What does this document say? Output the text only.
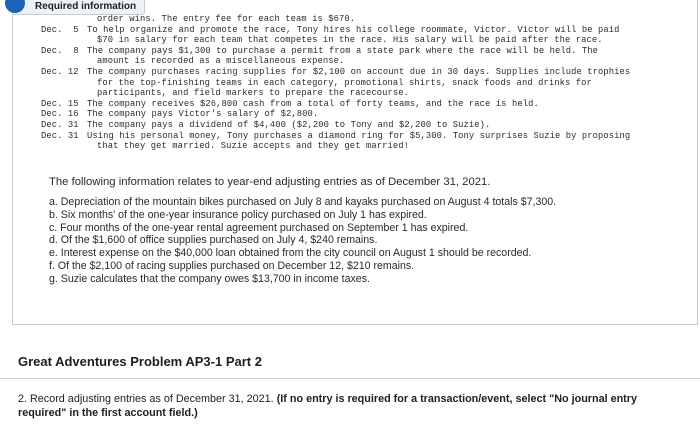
Required information
order wins. The entry fee for each team is $670.
Dec.  5 To help organize and promote the race, Tony hires his college roommate, Victor. Victor will be paid
$70 in salary for each team that competes in the race. His salary will be paid after the race.
Dec.  8 The company pays $1,300 to purchase a permit from a state park where the race will be held. The
amount is recorded as a miscellaneous expense.
Dec. 12 The company purchases racing supplies for $2,100 on account due in 30 days. Supplies include trophies
for the top-finishing teams in each category, promotional shirts, snack foods and drinks for
participants, and field markers to prepare the racecourse.
Dec. 15 The company receives $26,800 cash from a total of forty teams, and the race is held.
Dec. 16 The company pays Victor's salary of $2,800.
Dec. 31 The company pays a dividend of $4,400 ($2,200 to Tony and $2,200 to Suzie).
Dec. 31 Using his personal money, Tony purchases a diamond ring for $5,300. Tony surprises Suzie by proposing
that they get married. Suzie accepts and they get married!
The following information relates to year-end adjusting entries as of December 31, 2021.
a. Depreciation of the mountain bikes purchased on July 8 and kayaks purchased on August 4 totals $7,300.
b. Six months' of the one-year insurance policy purchased on July 1 has expired.
c. Four months of the one-year rental agreement purchased on September 1 has expired.
d. Of the $1,600 of office supplies purchased on July 4, $240 remains.
e. Interest expense on the $40,000 loan obtained from the city council on August 1 should be recorded.
f. Of the $2,100 of racing supplies purchased on December 12, $210 remains.
g. Suzie calculates that the company owes $13,700 in income taxes.
Great Adventures Problem AP3-1 Part 2
2. Record adjusting entries as of December 31, 2021. (If no entry is required for a transaction/event, select "No journal entry required" in the first account field.)
